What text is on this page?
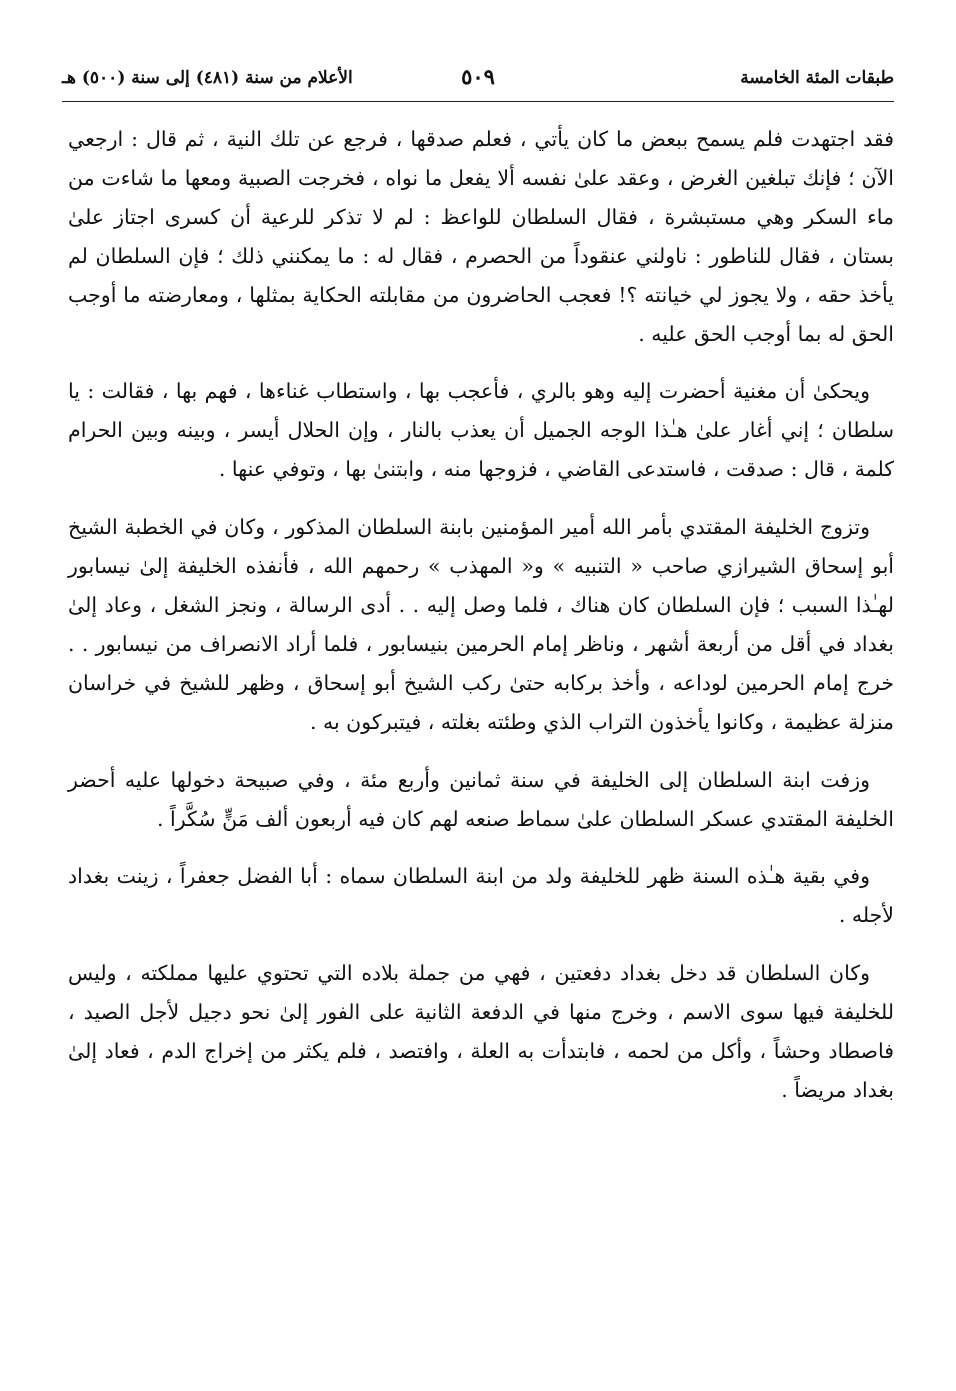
طبقات المئة الخامسة
٥٠٩
الأعلام من سنة (٤٨١) إلى سنة (٥٠٠) هـ

فقد اجتهدت فلم يسمح ببعض ما كان يأتي ، فعلم صدقها ، فرجع عن تلك النية ، ثم قال : ارجعي الآن ؛ فإنك تبلغين الغرض ، وعقد علىٰ نفسه ألا يفعل ما نواه ، فخرجت الصبية ومعها ما شاءت من ماء السكر وهي مستبشرة ، فقال السلطان للواعظ : لم لا تذكر للرعية أن كسرى اجتاز علىٰ بستان ، فقال للناطور : ناولني عنقوداً من الحصرم ، فقال له : ما يمكنني ذلك ؛ فإن السلطان لم يأخذ حقه ، ولا يجوز لي خيانته ؟! فعجب الحاضرون من مقابلته الحكاية بمثلها ، ومعارضته ما أوجب الحق له بما أوجب الحق عليه .

ويحكىٰ أن مغنية أحضرت إليه وهو بالري ، فأعجب بها ، واستطاب غناءها ، فهم بها ، فقالت : يا سلطان ؛ إني أغار علىٰ هـٰذا الوجه الجميل أن يعذب بالنار ، وإن الحلال أيسر ، وبينه وبين الحرام كلمة ، قال : صدقت ، فاستدعى القاضي ، فزوجها منه ، وابتنىٰ بها ، وتوفي عنها .

وتزوج الخليفة المقتدي بأمر الله أمير المؤمنين بابنة السلطان المذكور ، وكان في الخطبة الشيخ أبو إسحاق الشيرازي صاحب « التنبيه » و« المهذب » رحمهم الله ، فأنفذه الخليفة إلىٰ نيسابور لهـٰذا السبب ؛ فإن السلطان كان هناك ، فلما وصل إليه . . أدى الرسالة ، ونجز الشغل ، وعاد إلىٰ بغداد في أقل من أربعة أشهر ، وناظر إمام الحرمين بنيسابور ، فلما أراد الانصراف من نيسابور . . خرج إمام الحرمين لوداعه ، وأخذ بركابه حتىٰ ركب الشيخ أبو إسحاق ، وظهر للشيخ في خراسان منزلة عظيمة ، وكانوا يأخذون التراب الذي وطئته بغلته ، فيتبركون به .

وزفت ابنة السلطان إلى الخليفة في سنة ثمانين وأربع مئة ، وفي صبيحة دخولها عليه أحضر الخليفة المقتدي عسكر السلطان علىٰ سماط صنعه لهم كان فيه أربعون ألف مَنٍّ سُكَّراً .

وفي بقية هـٰذه السنة ظهر للخليفة ولد من ابنة السلطان سماه : أبا الفضل جعفراً ، زينت بغداد لأجله .

وكان السلطان قد دخل بغداد دفعتين ، فهي من جملة بلاده التي تحتوي عليها مملكته ، وليس للخليفة فيها سوى الاسم ، وخرج منها في الدفعة الثانية على الفور إلىٰ نحو دجيل لأجل الصيد ، فاصطاد وحشاً ، وأكل من لحمه ، فابتدأت به العلة ، وافتصد ، فلم يكثر من إخراج الدم ، فعاد إلىٰ بغداد مريضاً .
